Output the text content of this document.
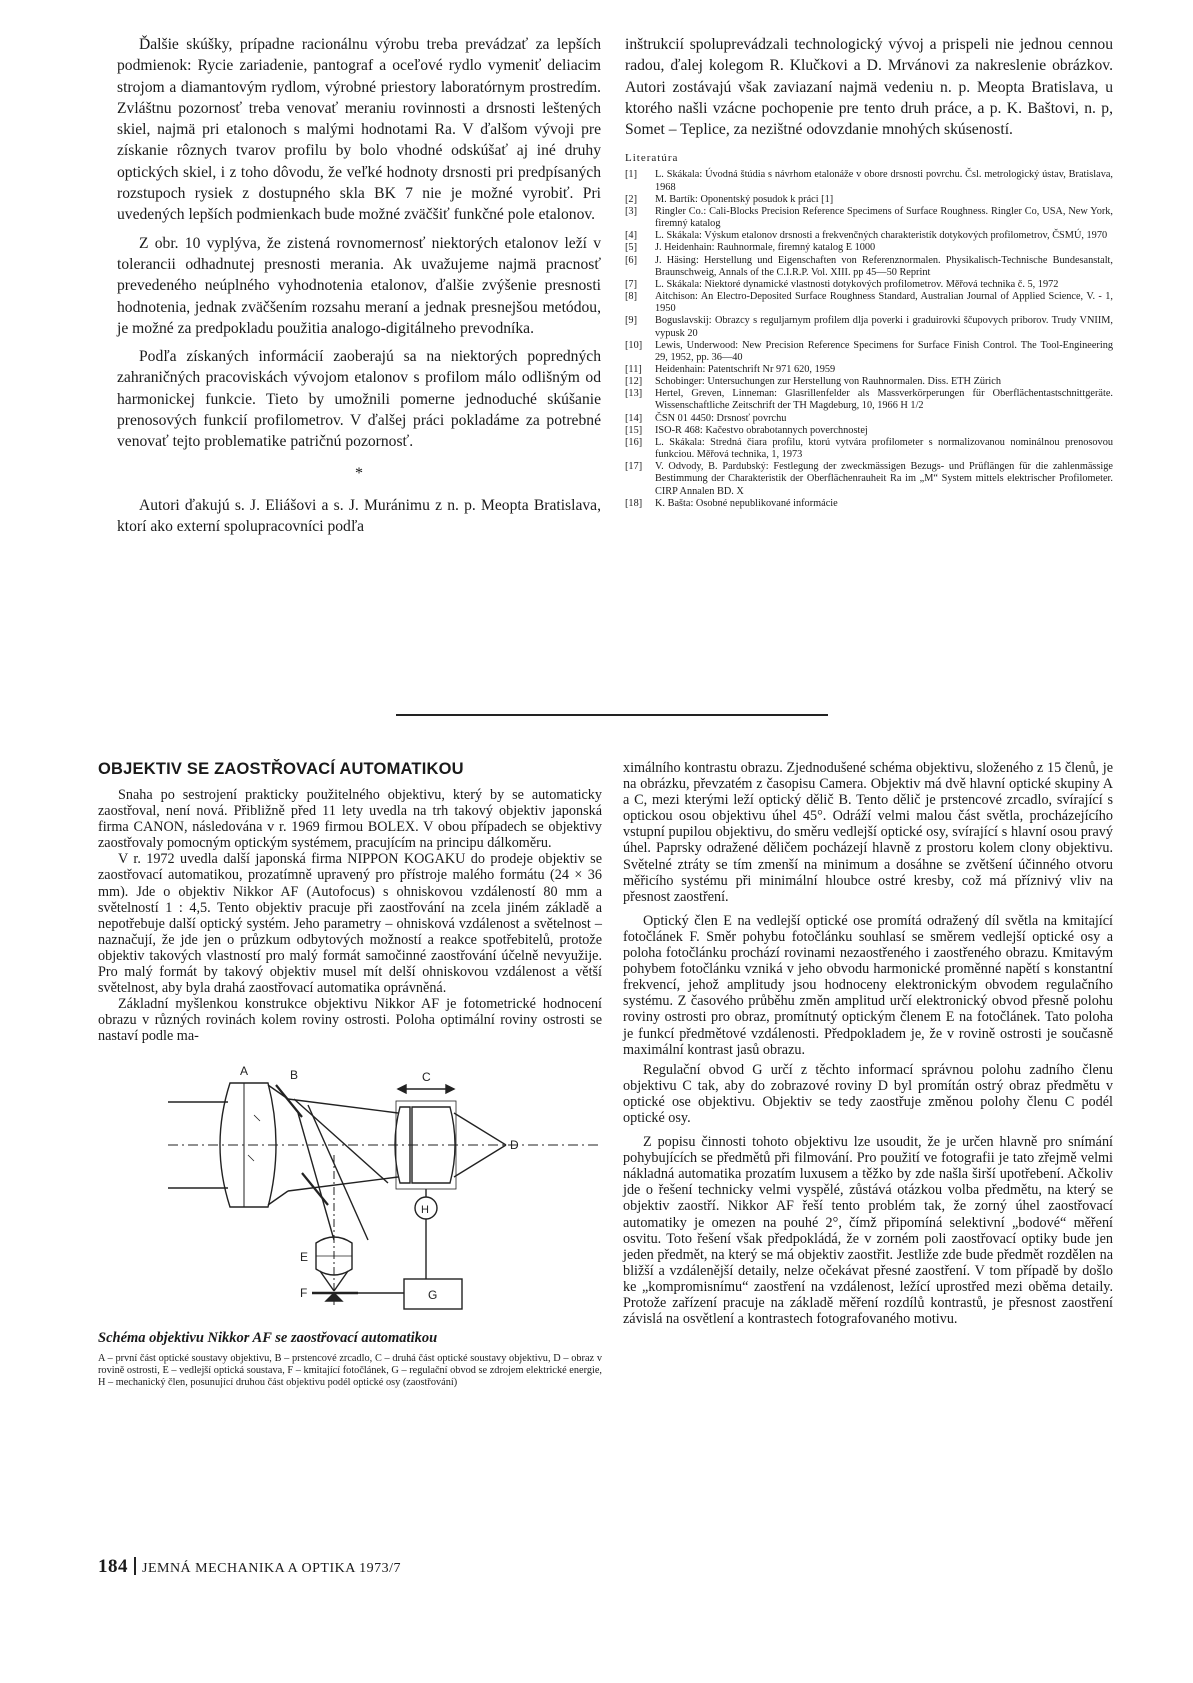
Ďalšie skúšky, prípadne racionálnu výrobu treba prevádzať za lepších podmienok: Rycie zariadenie, pantograf a oceľové rydlo vymeniť deliacim strojom a diamantovým rydlom, výrobné priestory laboratórnym prostredím. Zvláštnu pozornosť treba venovať meraniu rovinnosti a drsnosti leštených skiel, najmä pri etalonoch s malými hodnotami Ra. V ďalšom vývoji pre získanie rôznych tvarov profilu by bolo vhodné odskúšať aj iné druhy optických skiel, i z toho dôvodu, že veľké hodnoty drsnosti pri predpísaných rozstupoch rysiek z dostupného skla BK 7 nie je možné vyrobiť. Pri uvedených lepších podmienkach bude možné zväčšiť funkčné pole etalonov.

Z obr. 10 vyplýva, že zistená rovnomernosť niektorých etalonov leží v tolerancii odhadnutej presnosti merania. Ak uvažujeme najmä pracnosť prevedeného neúplného vyhodnotenia etalonov, ďalšie zvýšenie presnosti hodnotenia, jednak zväčšením rozsahu meraní a jednak presnejšou metódou, je možné za predpokladu použitia analogo-digitálneho prevodníka.

Podľa získaných informácií zaoberajú sa na niektorých popredných zahraničných pracoviskách vývojom etalonov s profilom málo odlišným od harmonickej funkcie. Tieto by umožnili pomerne jednoduché skúšanie prenosových funkcií profilometrov. V ďalšej práci pokladáme za potrebné venovať tejto problematike patričnú pozornosť.

*

Autori ďakujú s. J. Eliášovi a s. J. Muránimu z n. p. Meopta Bratislava, ktorí ako externí spolupracovníci podľa

inštrukcií spoluprevádzali technologický vývoj a prispeli nie jednou cennou radou, ďalej kolegom R. Klučkovi a D. Mrvánovi za nakreslenie obrázkov. Autori zostávajú však zaviazaní najmä vedeniu n. p. Meopta Bratislava, u ktorého našli vzácne pochopenie pre tento druh práce, a p. K. Baštovi, n. p, Somet – Teplice, za nezištné odovzdanie mnohých skúseností.

Literatúra
[1]	L. Skákala: Úvodná štúdia s návrhom etalonáže v obore drsnosti povrchu. Čsl. metrologický ústav, Bratislava, 1968
[2]	M. Bartík: Oponentský posudok k práci [1]
[3]	Ringler Co.: Cali-Blocks Precision Reference Specimens of Surface Roughness. Ringler Co, USA, New York, firemný katalog
[4]	L. Skákala: Výskum etalonov drsnosti a frekvenčných charakteristík dotykových profilometrov, ČSMÚ, 1970
[5]	J. Heidenhain: Rauhnormale, firemný katalog E 1000
[6]	J. Häsing: Herstellung und Eigenschaften von Referenznormalen. Physikalisch-Technische Bundesanstalt, Braunschweig, Annals of the C.I.R.P. Vol. XIII. pp 45—50 Reprint
[7]	L. Skákala: Niektoré dynamické vlastnosti dotykových profilometrov. Měřová technika č. 5, 1972
[8]	Aitchison: An Electro-Deposited Surface Roughness Standard, Australian Journal of Applied Science, V. - 1, 1950
[9]	Boguslavskij: Obrazcy s reguljarnym profilem dlja poverki i graduirovki ščupovych priborov. Trudy VNIIM, vypusk 20
[10]	Lewis, Underwood: New Precision Reference Specimens for Surface Finish Control. The Tool-Engineering 29, 1952, pp. 36—40
[11]	Heidenhain: Patentschrift Nr 971 620, 1959
[12]	Schobinger: Untersuchungen zur Herstellung von Rauhnormalen. Diss. ETH Zürich
[13]	Hertel, Greven, Linneman: Glasrillenfelder als Massverkörperungen für Oberflächentastschnittgeräte. Wissenschaftliche Zeitschrift der TH Magdeburg, 10, 1966 H 1/2
[14]	ČSN 01 4450: Drsnosť povrchu
[15]	ISO-R 468: Kačestvo obrabotannych poverchnostej
[16]	L. Skákala: Stredná čiara profilu, ktorú vytvára profilometer s normalizovanou nominálnou prenosovou funkciou. Měřová technika, 1, 1973
[17]	V. Odvody, B. Pardubský: Festlegung der zweckmässigen Bezugs- und Prüflängen für die zahlenmässige Bestimmung der Charakteristik der Oberflächenrauheit Ra im „M“ System mittels elektrischer Profilometer. CIRP Annalen BD. X
[18]	K. Bašta: Osobné nepublikované informácie
OBJEKTIV SE ZAOSTŘOVACÍ AUTOMATIKOU

Snaha po sestrojení prakticky použitelného objektivu, který by se automaticky zaostřoval, není nová. Přibližně před 11 lety uvedla na trh takový objektiv japonská firma CANON, následována v r. 1969 firmou BOLEX. V obou případech se objektivy zaostřovaly pomocným optickým systémem, pracujícím na principu dálkoměru.

V r. 1972 uvedla další japonská firma NIPPON KOGAKU do prodeje objektiv se zaostřovací automatikou, prozatímně upravený pro přístroje malého formátu (24 × 36 mm). Jde o objektiv Nikkor AF (Autofocus) s ohniskovou vzdáleností 80 mm a světelností 1 : 4,5. Tento objektiv pracuje při zaostřování na zcela jiném základě a nepotřebuje další optický systém. Jeho parametry – ohnisková vzdálenost a světelnost – naznačují, že jde jen o průzkum odbytových možností a reakce spotřebitelů, protože objektiv takových vlastností pro malý formát samočinné zaostřování účelně nevyužije. Pro malý formát by takový objektiv musel mít delší ohniskovou vzdálenost a větší světelnost, aby byla drahá zaostřovací automatika oprávněná.

Základní myšlenkou konstrukce objektivu Nikkor AF je fotometrické hodnocení obrazu v různých rovinách kolem roviny ostrosti. Poloha optimální roviny ostrosti se nastaví podle ma-

A	B	C
D
E
F	G
H
Schéma objektivu Nikkor AF se zaostřovací automatikou
A – první část optické soustavy objektivu, B – prstencové zrcadlo, C – druhá část optické soustavy objektivu, D – obraz v rovině ostrosti, E – vedlejší optická soustava, F – kmitající fotočlánek, G – regulační obvod se zdrojem elektrické energie, H – mechanický člen, posunující druhou část objektivu podél optické osy (zaostřování)

ximálního kontrastu obrazu. Zjednodušené schéma objektivu, složeného z 15 členů, je na obrázku, převzatém z časopisu Camera. Objektiv má dvě hlavní optické skupiny A a C, mezi kterými leží optický dělič B. Tento dělič je prstencové zrcadlo, svírající s optickou osou objektivu úhel 45°. Odráží velmi malou část světla, procházejícího vstupní pupilou objektivu, do směru vedlejší optické osy, svírající s hlavní osou pravý úhel. Paprsky odražené děličem pocházejí hlavně z prostoru kolem clony objektivu. Světelné ztráty se tím zmenší na minimum a dosáhne se zvětšení účinného otvoru měřicího systému při minimální hloubce ostré kresby, což má příznivý vliv na přesnost zaostření.

Optický člen E na vedlejší optické ose promítá odražený díl světla na kmitající fotočlánek F. Směr pohybu fotočlánku souhlasí se směrem vedlejší optické osy a poloha fotočlánku prochází rovinami nezaostřeného i zaostřeného obrazu. Kmitavým pohybem fotočlánku vzniká v jeho obvodu harmonické proměnné napětí s konstantní frekvencí, jehož amplitudy jsou hodnoceny elektronickým obvodem regulačního systému. Z časového průběhu změn amplitud určí elektronický obvod přesně polohu roviny ostrosti pro obraz, promítnutý optickým členem E na fotočlánek. Tato poloha je funkcí předmětové vzdálenosti. Předpokladem je, že v rovině ostrosti je současně maximální kontrast jasů obrazu.

Regulační obvod G určí z těchto informací správnou polohu zadního členu objektivu C tak, aby do zobrazové roviny D byl promítán ostrý obraz předmětu v optické ose objektivu. Objektiv se tedy zaostřuje změnou polohy členu C podél optické osy.

Z popisu činnosti tohoto objektivu lze usoudit, že je určen hlavně pro snímání pohybujících se předmětů při filmování. Pro použití ve fotografii je tato zřejmě velmi nákladná automatika prozatím luxusem a těžko by zde našla širší upotřebení. Ačkoliv jde o řešení technicky velmi vyspělé, zůstává otázkou volba předmětu, na který se objektiv zaostří. Nikkor AF řeší tento problém tak, že zorný úhel zaostřovací automatiky je omezen na pouhé 2°, čímž připomíná selektivní „bodové“ měření osvitu. Toto řešení však předpokládá, že v zorném poli zaostřovací optiky bude jen jeden předmět, na který se má objektiv zaostřit. Jestliže zde bude předmět rozdělen na bližší a vzdálenější detaily, nelze očekávat přesné zaostření. V tom případě by došlo ke „kompromisnímu“ zaostření na vzdálenost, ležící uprostřed mezi oběma detaily. Protože zařízení pracuje na základě měření rozdílů kontrastů, je přesnost zaostření závislá na osvětlení a kontrastech fotografovaného motivu.

184 JEMNÁ MECHANIKA A OPTIKA 1973/7
